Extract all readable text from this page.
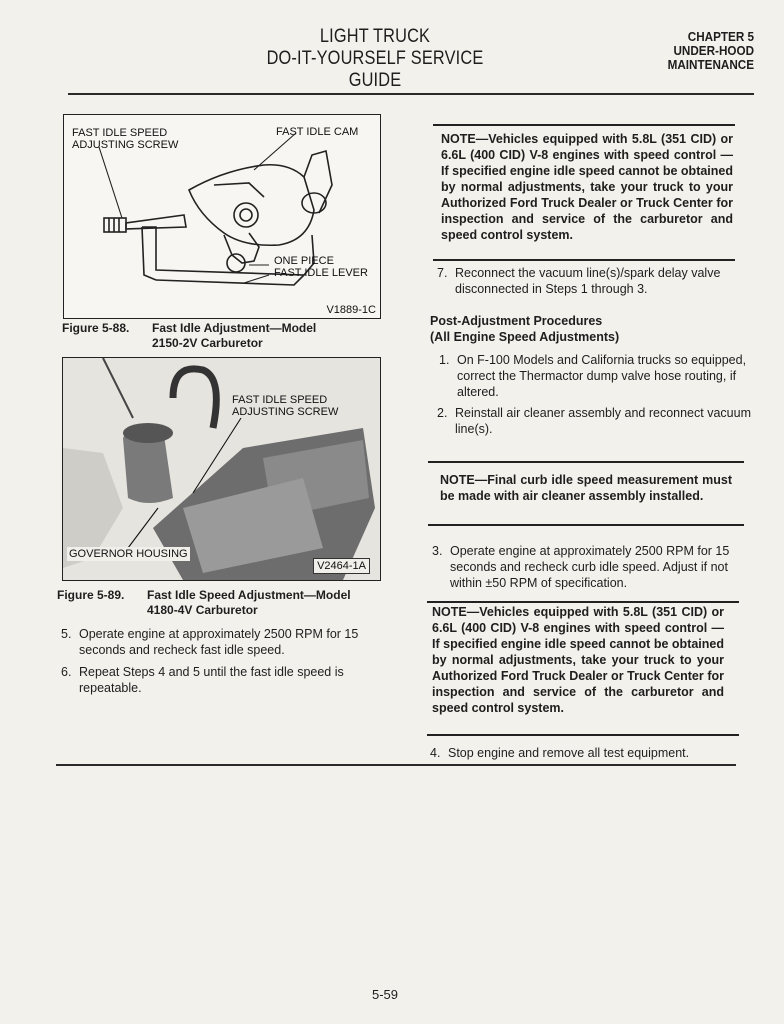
LIGHT TRUCK
DO-IT-YOURSELF SERVICE GUIDE
CHAPTER 5
UNDER-HOOD
MAINTENANCE
FAST IDLE SPEED
ADJUSTING SCREW
FAST IDLE CAM
ONE PIECE
FAST IDLE LEVER
V1889-1C
Figure 5-88. Fast Idle Adjustment—Model
2150-2V Carburetor
FAST IDLE SPEED
ADJUSTING SCREW
GOVERNOR HOUSING
V2464-1A
Figure 5-89. Fast Idle Speed Adjustment—Model
4180-4V Carburetor
5. Operate engine at approximately 2500 RPM for 15 seconds and recheck fast idle speed.
6. Repeat Steps 4 and 5 until the fast idle speed is repeatable.
NOTE—Vehicles equipped with 5.8L (351 CID) or 6.6L (400 CID) V-8 engines with speed control — If specified engine idle speed cannot be obtained by normal adjustments, take your truck to your Authorized Ford Truck Dealer or Truck Center for inspection and service of the carburetor and speed control system.
7. Reconnect the vacuum line(s)/spark delay valve disconnected in Steps 1 through 3.
Post-Adjustment Procedures
(All Engine Speed Adjustments)
1. On F-100 Models and California trucks so equipped, correct the Thermactor dump valve hose routing, if altered.
2. Reinstall air cleaner assembly and reconnect vacuum line(s).
NOTE—Final curb idle speed measurement must be made with air cleaner assembly installed.
3. Operate engine at approximately 2500 RPM for 15 seconds and recheck curb idle speed. Adjust if not within ±50 RPM of specification.
NOTE—Vehicles equipped with 5.8L (351 CID) or 6.6L (400 CID) V-8 engines with speed control — If specified engine idle speed cannot be obtained by normal adjustments, take your truck to your Authorized Ford Truck Dealer or Truck Center for inspection and service of the carburetor and speed control system.
4. Stop engine and remove all test equipment.
5-59
